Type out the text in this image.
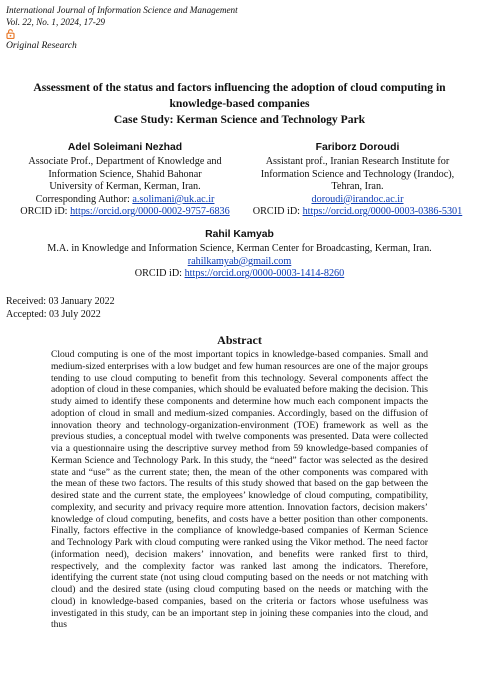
International Journal of Information Science and Management
Vol. 22, No. 1, 2024, 17-29
Original Research
Assessment of the status and factors influencing the adoption of cloud computing in
knowledge-based companies
Case Study: Kerman Science and Technology Park
Adel Soleimani Nezhad
Associate Prof., Department of Knowledge and
Information Science, Shahid Bahonar
University of Kerman, Kerman, Iran.
Corresponding Author: a.solimani@uk.ac.ir
ORCID iD: https://orcid.org/0000-0002-9757-6836
Fariborz Doroudi
Assistant prof., Iranian Research Institute for
Information Science and Technology (Irandoc),
Tehran, Iran.
doroudi@irandoc.ac.ir
ORCID iD: https://orcid.org/0000-0003-0386-5301
Rahil Kamyab
M.A. in Knowledge and Information Science, Kerman Center for Broadcasting, Kerman, Iran.
rahilkamyab@gmail.com
ORCID iD: https://orcid.org/0000-0003-1414-8260
Received: 03 January 2022
Accepted: 03 July 2022
Abstract
Cloud computing is one of the most important topics in knowledge-based companies. Small and medium-sized enterprises with a low budget and few human resources are one of the major groups tending to use cloud computing to benefit from this technology. Several components affect the adoption of cloud in these companies, which should be evaluated before making the decision. This study aimed to identify these components and determine how much each component impacts the adoption of cloud in small and medium-sized companies. Accordingly, based on the diffusion of innovation theory and technology-organization-environment (TOE) framework as well as the previous studies, a conceptual model with twelve components was presented. Data were collected via a questionnaire using the descriptive survey method from 59 knowledge-based companies of Kerman Science and Technology Park. In this study, the “need” factor was selected as the desired state and “use” as the current state; then, the mean of the other components was compared with the mean of these two factors. The results of this study showed that based on the gap between the desired state and the current state, the employees’ knowledge of cloud computing, compatibility, complexity, and security and privacy require more attention. Innovation factors, decision makers’ knowledge of cloud computing, benefits, and costs have a better position than other components. Finally, factors effective in the compliance of knowledge-based companies of Kerman Science and Technology Park with cloud computing were ranked using the Vikor method. The need factor (information need), decision makers’ innovation, and benefits were ranked first to third, respectively, and the complexity factor was ranked last among the indicators. Therefore, identifying the current state (not using cloud computing based on the needs or not matching with cloud) and the desired state (using cloud computing based on the needs or matching with the cloud) in knowledge-based companies, based on the criteria or factors whose usefulness was investigated in this study, can be an important step in joining these companies into the cloud, and thus
